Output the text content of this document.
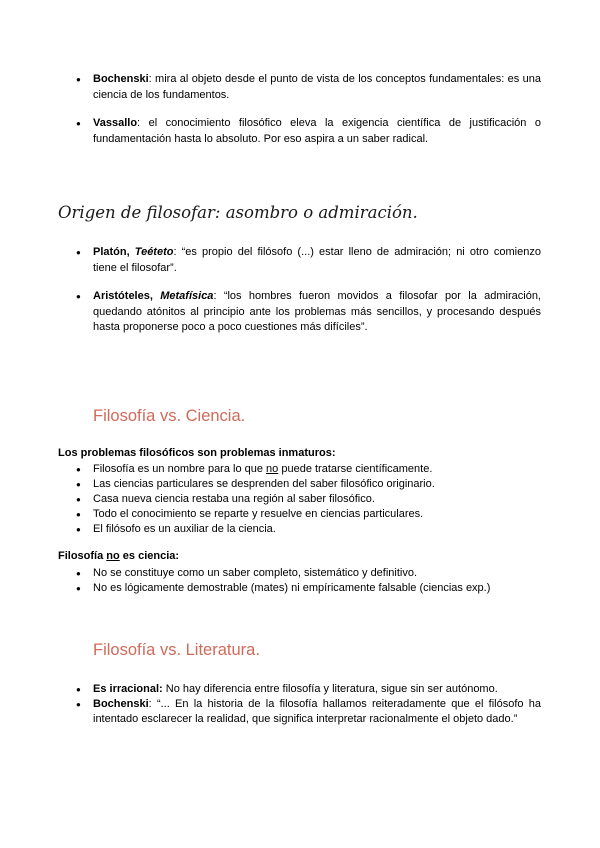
● Bochenski: mira al objeto desde el punto de vista de los conceptos fundamentales: es una ciencia de los fundamentos.
● Vassallo: el conocimiento filosófico eleva la exigencia científica de justificación o fundamentación hasta lo absoluto. Por eso aspira a un saber radical.
Origen de filosofar: asombro o admiración.
● Platón, Teéteto: “es propio del filósofo (...) estar lleno de admiración; ni otro comienzo tiene el filosofar”.
● Aristóteles, Metafísica: “los hombres fueron movidos a filosofar por la admiración, quedando atónitos al principio ante los problemas más sencillos, y procesando después hasta proponerse poco a poco cuestiones más difíciles”.
Filosofía vs. Ciencia.
Los problemas filosóficos son problemas inmaturos:
● Filosofía es un nombre para lo que no puede tratarse científicamente.
● Las ciencias particulares se desprenden del saber filosófico originario.
● Casa nueva ciencia restaba una región al saber filosófico.
● Todo el conocimiento se reparte y resuelve en ciencias particulares.
● El filósofo es un auxiliar de la ciencia.
Filosofía no es ciencia:
● No se constituye como un saber completo, sistemático y definitivo.
● No es lógicamente demostrable (mates) ni empíricamente falsable (ciencias exp.)
Filosofía vs. Literatura.
● Es irracional: No hay diferencia entre filosofía y literatura, sigue sin ser autónomo.
● Bochenski: “... En la historia de la filosofía hallamos reiteradamente que el filósofo ha intentado esclarecer la realidad, que significa interpretar racionalmente el objeto dado.”
